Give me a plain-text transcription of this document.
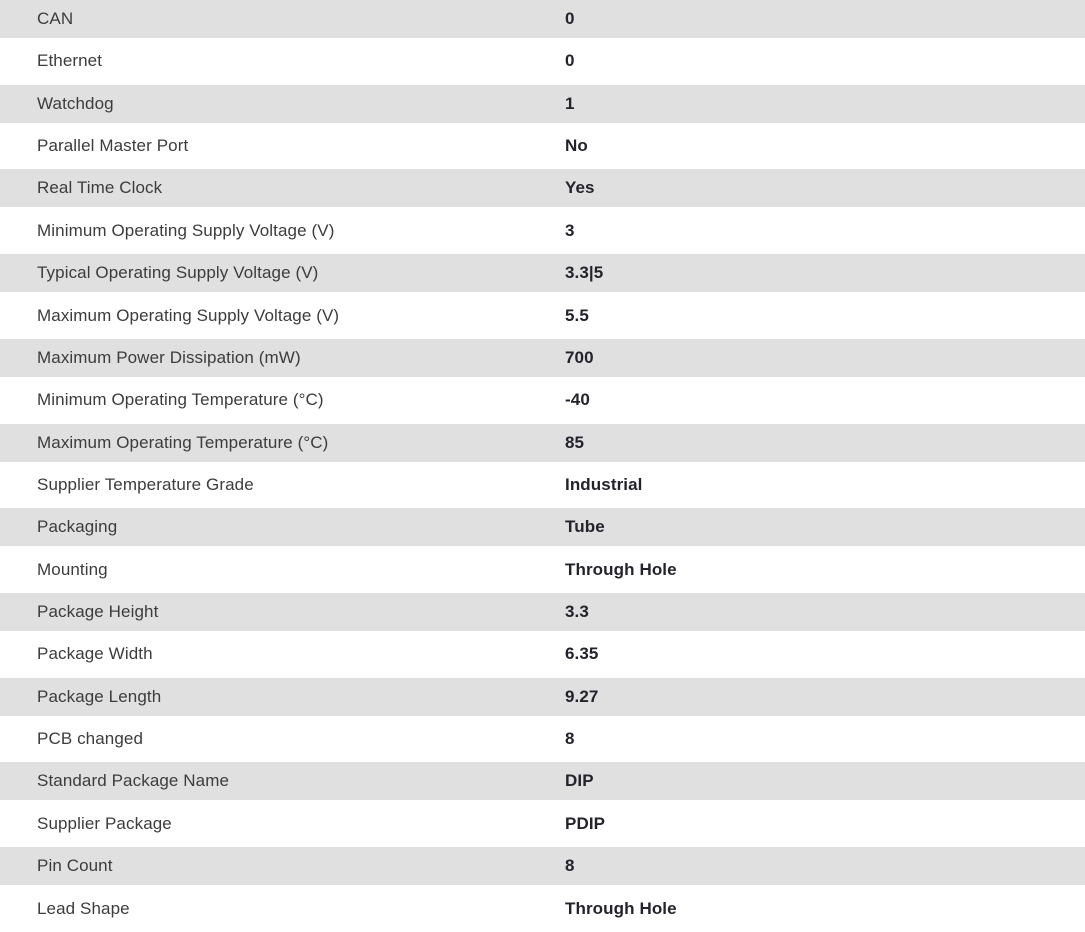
CAN	0
Ethernet	0
Watchdog	1
Parallel Master Port	No
Real Time Clock	Yes
Minimum Operating Supply Voltage (V)	3
Typical Operating Supply Voltage (V)	3.3|5
Maximum Operating Supply Voltage (V)	5.5
Maximum Power Dissipation (mW)	700
Minimum Operating Temperature (°C)	-40
Maximum Operating Temperature (°C)	85
Supplier Temperature Grade	Industrial
Packaging	Tube
Mounting	Through Hole
Package Height	3.3
Package Width	6.35
Package Length	9.27
PCB changed	8
Standard Package Name	DIP
Supplier Package	PDIP
Pin Count	8
Lead Shape	Through Hole
